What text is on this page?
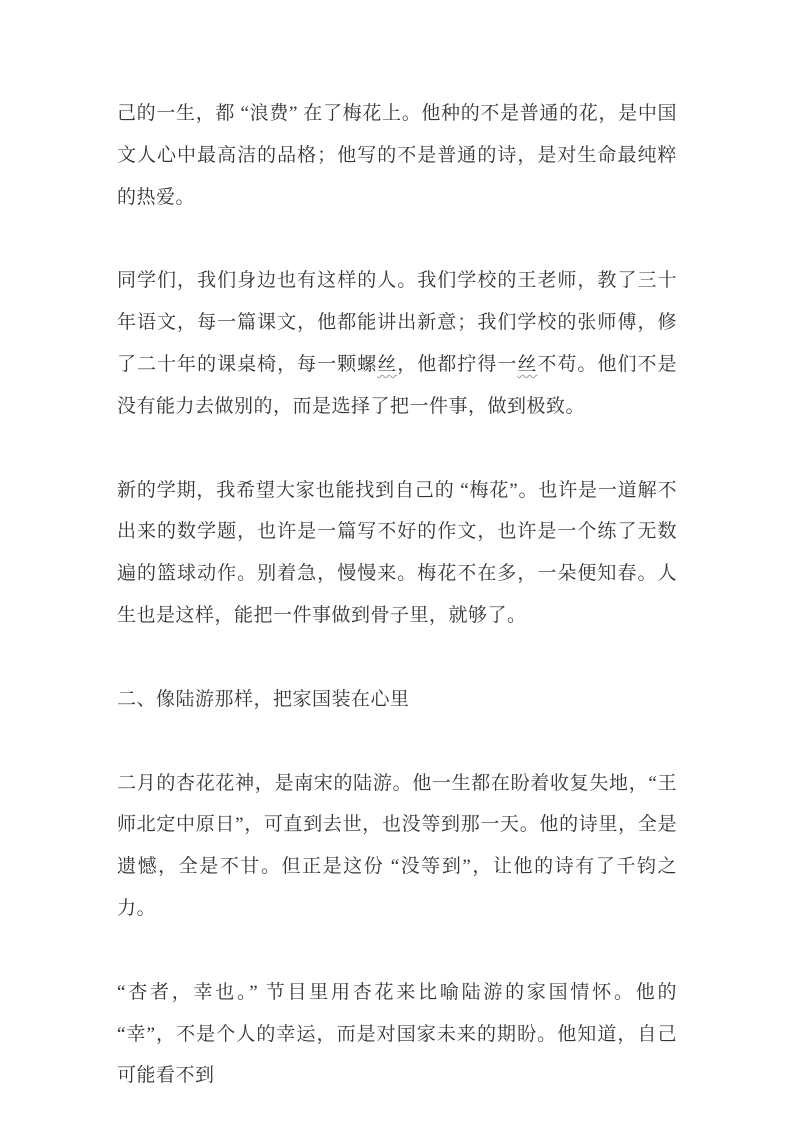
己的一生，都 “浪费” 在了梅花上。他种的不是普通的花，是中国文人心中最高洁的品格；他写的不是普通的诗，是对生命最纯粹的热爱。
同学们，我们身边也有这样的人。我们学校的王老师，教了三十年语文，每一篇课文，他都能讲出新意；我们学校的张师傅，修了二十年的课桌椅，每一颗螺丝，他都拧得一丝不苟。他们不是没有能力去做别的，而是选择了把一件事，做到极致。
新的学期，我希望大家也能找到自己的 “梅花”。也许是一道解不出来的数学题，也许是一篇写不好的作文，也许是一个练了无数遍的篮球动作。别着急，慢慢来。梅花不在多，一朵便知春。人生也是这样，能把一件事做到骨子里，就够了。
二、像陆游那样，把家国装在心里
二月的杏花花神，是南宋的陆游。他一生都在盼着收复失地，“王师北定中原日”，可直到去世，也没等到那一天。他的诗里，全是遗憾，全是不甘。但正是这份 “没等到”，让他的诗有了千钧之力。
“杏者，幸也。” 节目里用杏花来比喻陆游的家国情怀。他的 “幸”，不是个人的幸运，而是对国家未来的期盼。他知道，自己可能看不到
